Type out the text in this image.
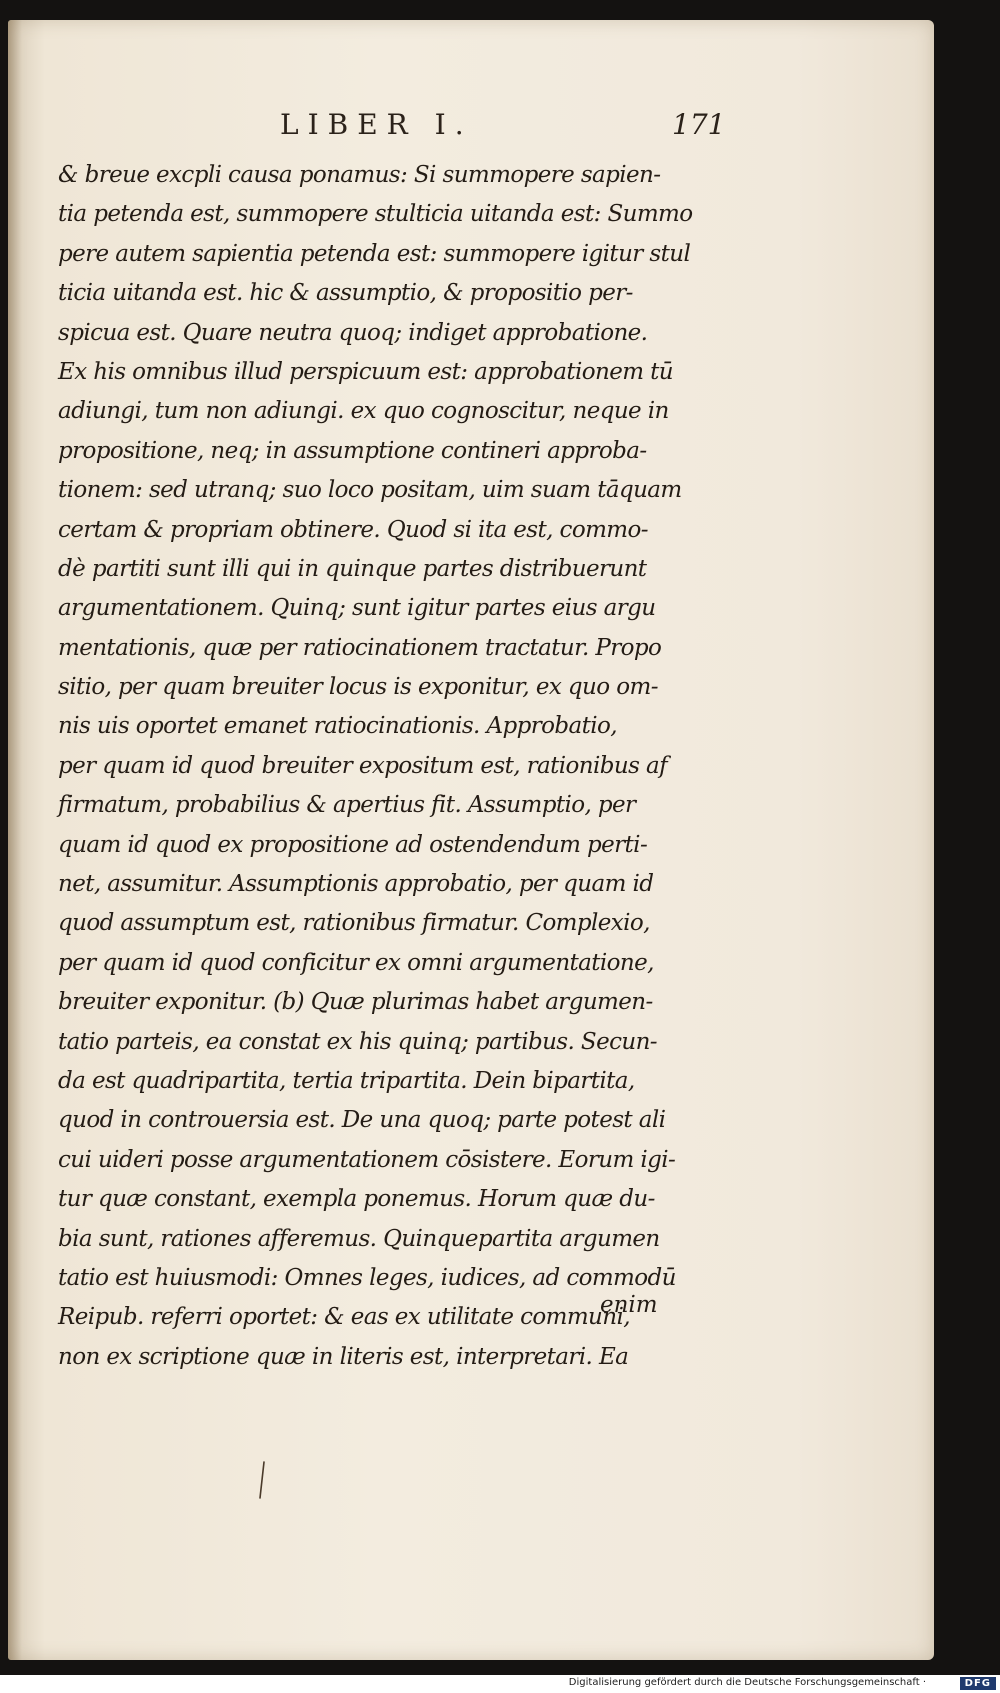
LIBER I.	171
& breue excpli causa ponamus: Si summopere sapien-
tia petenda est, summopere stulticia uitanda est: Summo
pere autem sapientia petenda est: summopere igitur stul
ticia uitanda est. hic & assumptio, & propositio per-
spicua est. Quare neutra quoq; indiget approbatione.
Ex his omnibus illud perspicuum est: approbationem tū
adiungi, tum non adiungi. ex quo cognoscitur, neque in
propositione, neq; in assumptione contineri approba-
tionem: sed utranq; suo loco positam, uim suam tāquam
certam & propriam obtinere. Quod si ita est, commo-
dè partiti sunt illi qui in quinque partes distribuerunt
argumentationem. Quinq; sunt igitur partes eius argu
mentationis, quæ per ratiocinationem tractatur. Propo
sitio, per quam breuiter locus is exponitur, ex quo om-
nis uis oportet emanet ratiocinationis. Approbatio,
per quam id quod breuiter expositum est, rationibus af
firmatum, probabilius & apertius fit. Assumptio, per
quam id quod ex propositione ad ostendendum perti-
net, assumitur. Assumptionis approbatio, per quam id
quod assumptum est, rationibus firmatur. Complexio,
per quam id quod conficitur ex omni argumentatione,
breuiter exponitur. (b) Quæ plurimas habet argumen-
tatio parteis, ea constat ex his quinq; partibus. Secun-
da est quadripartita, tertia tripartita. Dein bipartita,
quod in controuersia est. De una quoq; parte potest ali
cui uideri posse argumentationem cōsistere. Eorum igi-
tur quæ constant, exempla ponemus. Horum quæ du-
bia sunt, rationes afferemus. Quinquepartita argumen
tatio est huiusmodi: Omnes leges, iudices, ad commodū
Reipub. referri oportet: & eas ex utilitate communi,
non ex scriptione quæ in literis est, interpretari. Ea
enim
Digitalisierung gefördert durch die Deutsche Forschungsgemeinschaft ·	DFG
